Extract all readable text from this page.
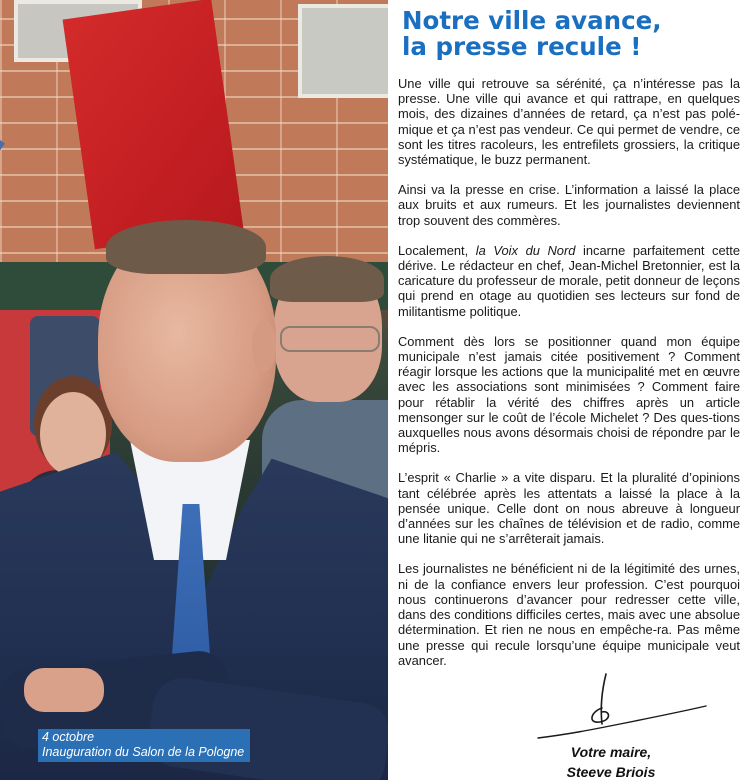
4 octobre
Inauguration du Salon de la Pologne
Notre ville avance,
la presse recule !

Une ville qui retrouve sa sérénité, ça n’intéresse pas la presse. Une ville qui avance et qui rattrape, en quelques mois, des dizaines d’années de retard, ça n’est pas polé-mique et ça n’est pas vendeur. Ce qui permet de vendre, ce sont les titres racoleurs, les entrefilets grossiers, la critique systématique, le buzz permanent.

Ainsi va la presse en crise. L’information a laissé la place aux bruits et aux rumeurs. Et les journalistes deviennent trop souvent des commères.

Localement, la Voix du Nord incarne parfaitement cette dérive. Le rédacteur en chef, Jean-Michel Bretonnier, est la caricature du professeur de morale, petit donneur de leçons qui prend en otage au quotidien ses lecteurs sur fond de militantisme politique.

Comment dès lors se positionner quand mon équipe municipale n’est jamais citée positivement ? Comment réagir lorsque les actions que la municipalité met en œuvre avec les associations sont minimisées ? Comment faire pour rétablir la vérité des chiffres après un article mensonger sur le coût de l’école Michelet ? Des ques-tions auxquelles nous avons désormais choisi de répondre par le mépris.

L’esprit « Charlie » a vite disparu. Et la pluralité d’opinions tant célébrée après les attentats a laissé la place à la pensée unique. Celle dont on nous abreuve à longueur d’années sur les chaînes de télévision et de radio, comme une litanie qui ne s’arrêterait jamais.

Les journalistes ne bénéficient ni de la légitimité des urnes, ni de la confiance envers leur profession. C’est pourquoi nous continuerons d’avancer pour redresser cette ville, dans des conditions difficiles certes, mais avec une absolue détermination. Et rien ne nous en empêche-ra. Pas même une presse qui recule lorsqu’une équipe municipale veut avancer.

Votre maire,
Steeve Briois
